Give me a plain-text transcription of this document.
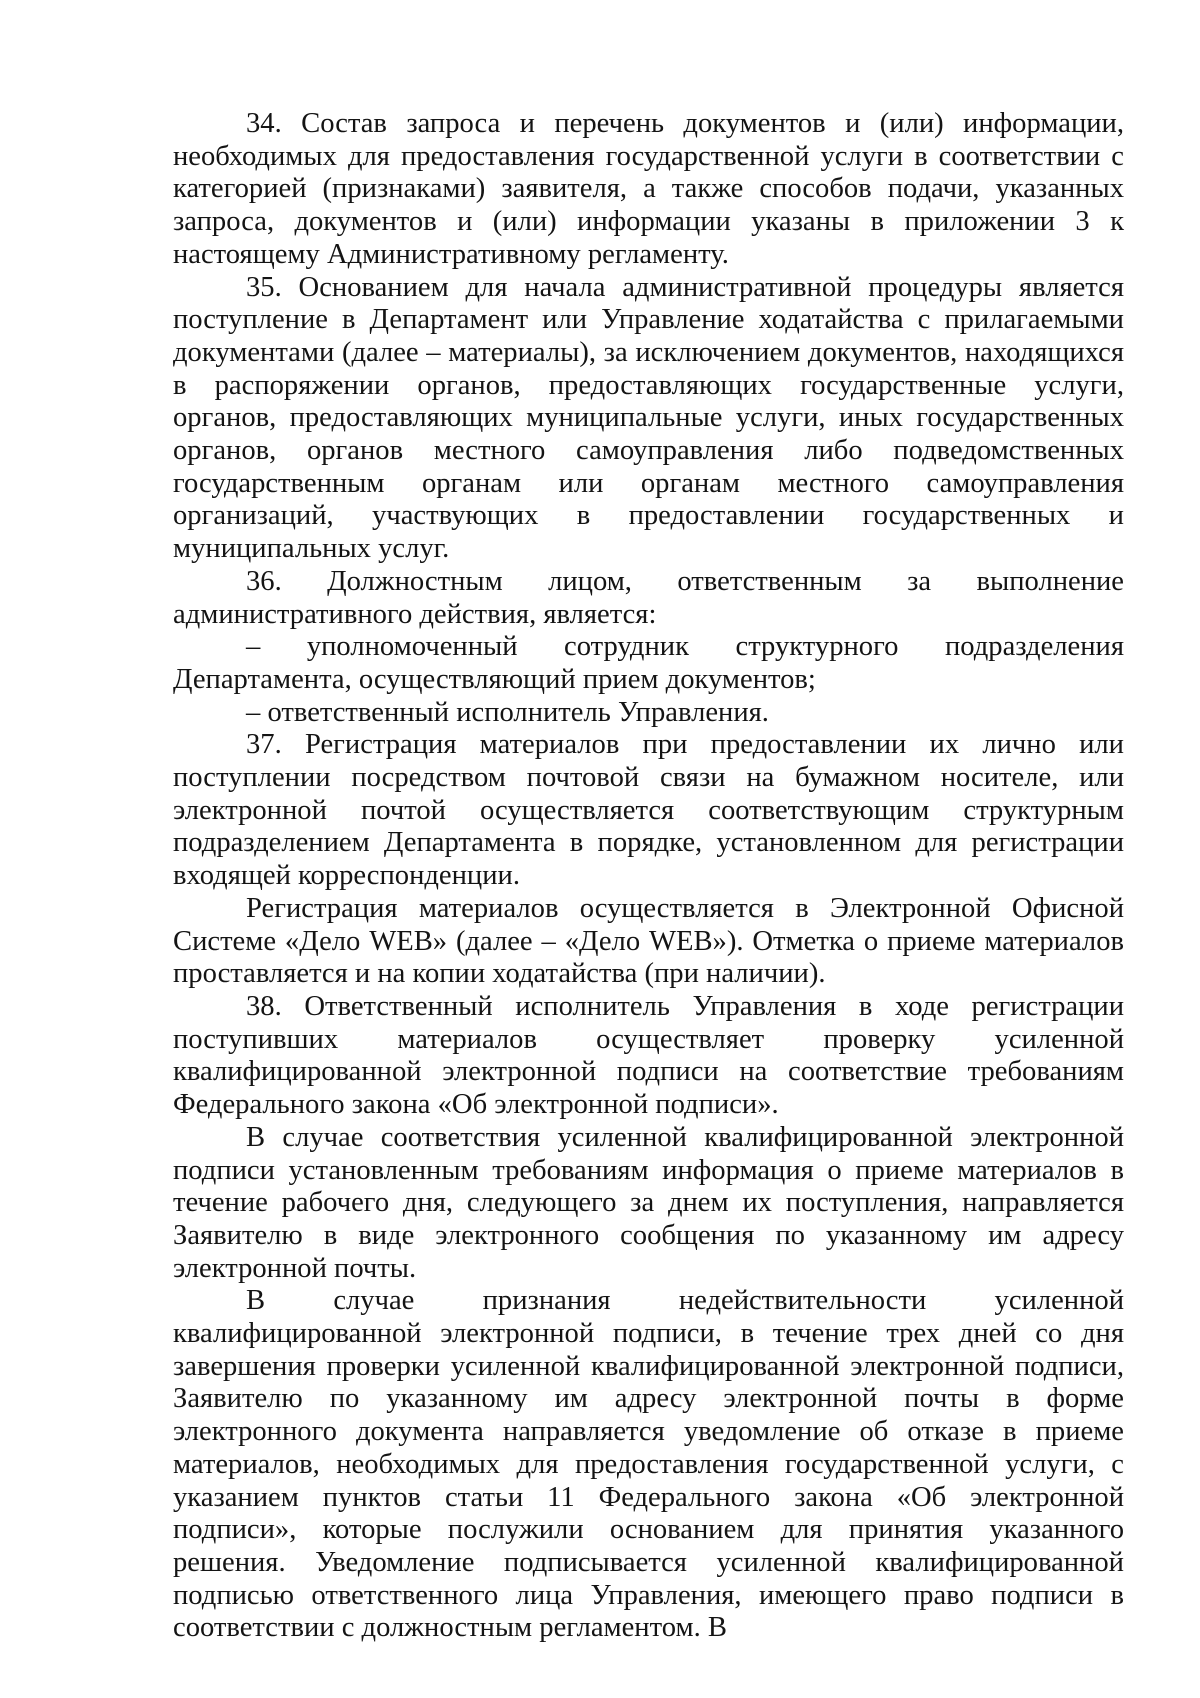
34. Состав запроса и перечень документов и (или) информации, необходимых для предоставления государственной услуги в соответствии с категорией (признаками) заявителя, а также способов подачи, указанных запроса, документов и (или) информации указаны в приложении 3 к настоящему Административному регламенту.

35. Основанием для начала административной процедуры является поступление в Департамент или Управление ходатайства с прилагаемыми документами (далее – материалы), за исключением документов, находящихся в распоряжении органов, предоставляющих государственные услуги, органов, предоставляющих муниципальные услуги, иных государственных органов, органов местного самоуправления либо подведомственных государственным органам или органам местного самоуправления организаций, участвующих в предоставлении государственных и муниципальных услуг.

36. Должностным лицом, ответственным за выполнение административного действия, является:

– уполномоченный сотрудник структурного подразделения Департамента, осуществляющий прием документов;

– ответственный исполнитель Управления.

37. Регистрация материалов при предоставлении их лично или поступлении посредством почтовой связи на бумажном носителе, или электронной почтой осуществляется соответствующим структурным подразделением Департамента в порядке, установленном для регистрации входящей корреспонденции.

Регистрация материалов осуществляется в Электронной Офисной Системе «Дело WEB» (далее – «Дело WEB»). Отметка о приеме материалов проставляется и на копии ходатайства (при наличии).

38. Ответственный исполнитель Управления в ходе регистрации поступивших материалов осуществляет проверку усиленной квалифицированной электронной подписи на соответствие требованиям Федерального закона «Об электронной подписи».

В случае соответствия усиленной квалифицированной электронной подписи установленным требованиям информация о приеме материалов в течение рабочего дня, следующего за днем их поступления, направляется Заявителю в виде электронного сообщения по указанному им адресу электронной почты.

В случае признания недействительности усиленной квалифицированной электронной подписи, в течение трех дней со дня завершения проверки усиленной квалифицированной электронной подписи, Заявителю по указанному им адресу электронной почты в форме электронного документа направляется уведомление об отказе в приеме материалов, необходимых для предоставления государственной услуги, с указанием пунктов статьи 11 Федерального закона «Об электронной подписи», которые послужили основанием для принятия указанного решения. Уведомление подписывается усиленной квалифицированной подписью ответственного лица Управления, имеющего право подписи в соответствии с должностным регламентом. В
